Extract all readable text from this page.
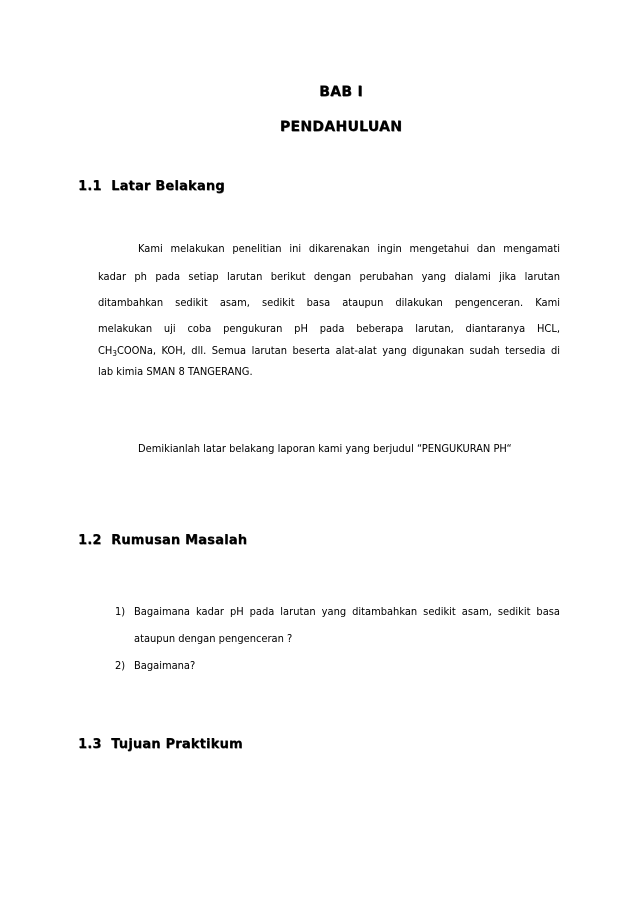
BAB I
PENDAHULUAN
1.1 Latar Belakang
Kami melakukan penelitian ini dikarenakan ingin mengetahui dan mengamati
kadar ph pada setiap larutan berikut dengan perubahan yang dialami jika larutan
ditambahkan sedikit asam, sedikit basa ataupun dilakukan pengenceran. Kami
melakukan uji coba pengukuran pH pada beberapa larutan, diantaranya HCL,
$CH_3COONa$, KOH, dll. Semua larutan beserta alat-alat yang digunakan sudah tersedia di
lab kimia SMAN 8 TANGERANG.
Demikianlah latar belakang laporan kami yang berjudul “PENGUKURAN PH“
1.2 Rumusan Masalah
1) Bagaimana kadar pH pada larutan yang ditambahkan sedikit asam, sedikit basa
ataupun dengan pengenceran ?
2) Bagaimana?
1.3 Tujuan Praktikum
